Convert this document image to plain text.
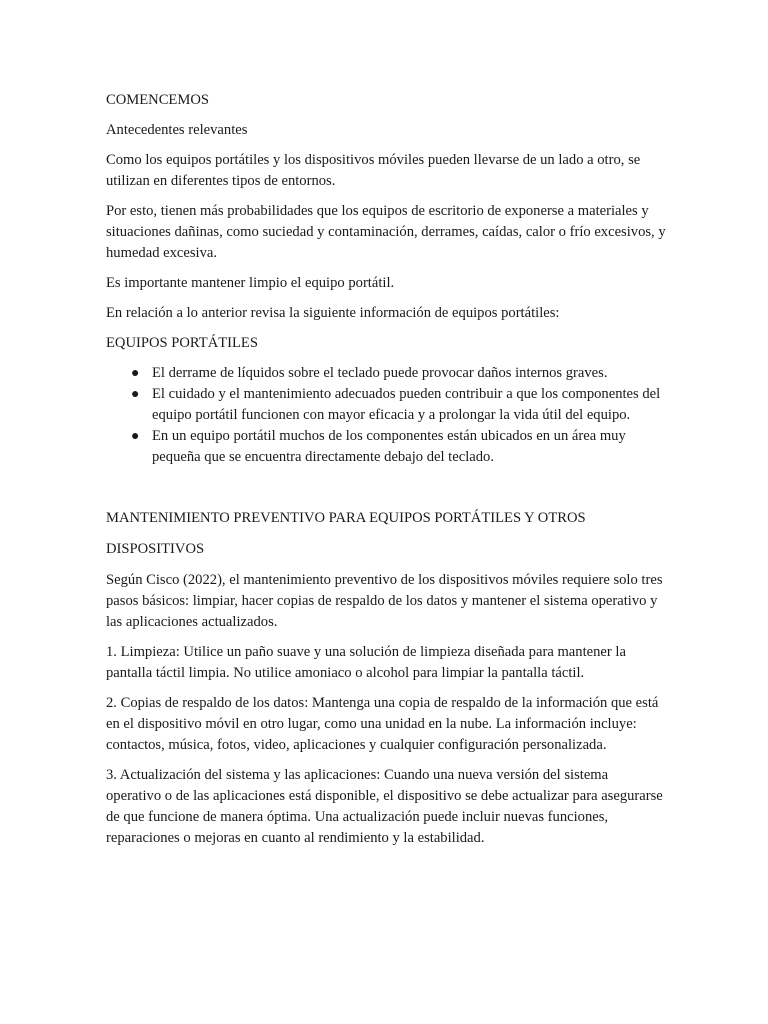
COMENCEMOS

Antecedentes relevantes

Como los equipos portátiles y los dispositivos móviles pueden llevarse de un lado a otro, se utilizan en diferentes tipos de entornos.

Por esto, tienen más probabilidades que los equipos de escritorio de exponerse a materiales y situaciones dañinas, como suciedad y contaminación, derrames, caídas, calor o frío excesivos, y humedad excesiva.

Es importante mantener limpio el equipo portátil.

En relación a lo anterior revisa la siguiente información de equipos portátiles:

EQUIPOS PORTÁTILES

● El derrame de líquidos sobre el teclado puede provocar daños internos graves.
● El cuidado y el mantenimiento adecuados pueden contribuir a que los componentes del equipo portátil funcionen con mayor eficacia y a prolongar la vida útil del equipo.
● En un equipo portátil muchos de los componentes están ubicados en un área muy pequeña que se encuentra directamente debajo del teclado.

MANTENIMIENTO PREVENTIVO PARA EQUIPOS PORTÁTILES Y OTROS

DISPOSITIVOS

Según Cisco (2022), el mantenimiento preventivo de los dispositivos móviles requiere solo tres pasos básicos: limpiar, hacer copias de respaldo de los datos y mantener el sistema operativo y las aplicaciones actualizados.

1. Limpieza: Utilice un paño suave y una solución de limpieza diseñada para mantener la pantalla táctil limpia. No utilice amoniaco o alcohol para limpiar la pantalla táctil.

2. Copias de respaldo de los datos: Mantenga una copia de respaldo de la información que está en el dispositivo móvil en otro lugar, como una unidad en la nube. La información incluye: contactos, música, fotos, video, aplicaciones y cualquier configuración personalizada.

3. Actualización del sistema y las aplicaciones: Cuando una nueva versión del sistema operativo o de las aplicaciones está disponible, el dispositivo se debe actualizar para asegurarse de que funcione de manera óptima. Una actualización puede incluir nuevas funciones, reparaciones o mejoras en cuanto al rendimiento y la estabilidad.
